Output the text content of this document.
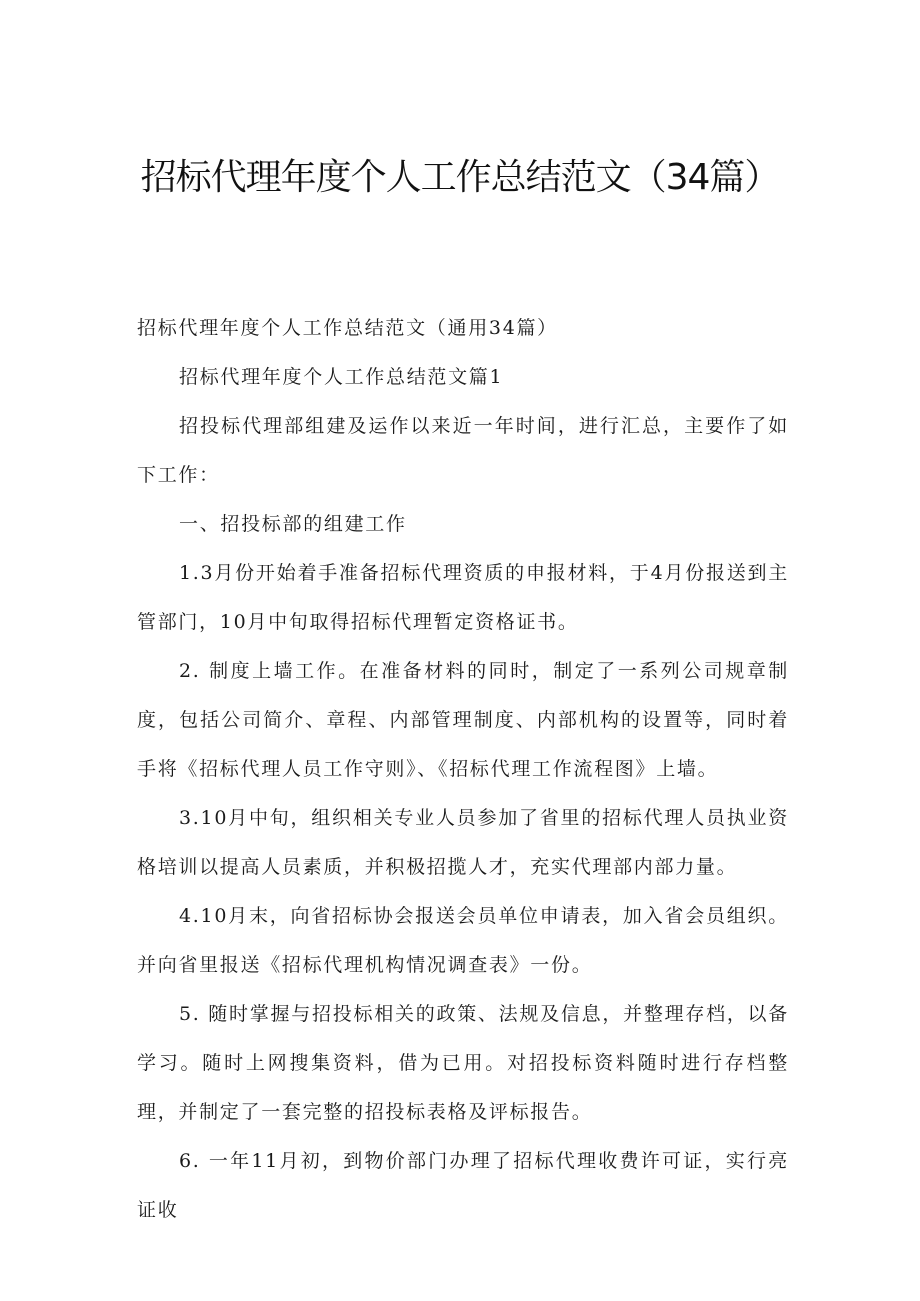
招标代理年度个人工作总结范文（34篇）

招标代理年度个人工作总结范文（通用34篇）

招标代理年度个人工作总结范文篇1

招投标代理部组建及运作以来近一年时间，进行汇总，主要作了如下工作：

一、招投标部的组建工作

1.3月份开始着手准备招标代理资质的申报材料，于4月份报送到主管部门，10月中旬取得招标代理暂定资格证书。

2. 制度上墙工作。在准备材料的同时，制定了一系列公司规章制度，包括公司简介、章程、内部管理制度、内部机构的设置等，同时着手将《招标代理人员工作守则》、《招标代理工作流程图》上墙。

3.10月中旬，组织相关专业人员参加了省里的招标代理人员执业资格培训以提高人员素质，并积极招揽人才，充实代理部内部力量。

4.10月末，向省招标协会报送会员单位申请表，加入省会员组织。并向省里报送《招标代理机构情况调查表》一份。

5. 随时掌握与招投标相关的政策、法规及信息，并整理存档，以备学习。随时上网搜集资料，借为已用。对招投标资料随时进行存档整理，并制定了一套完整的招投标表格及评标报告。

6. 一年11月初，到物价部门办理了招标代理收费许可证，实行亮证收
